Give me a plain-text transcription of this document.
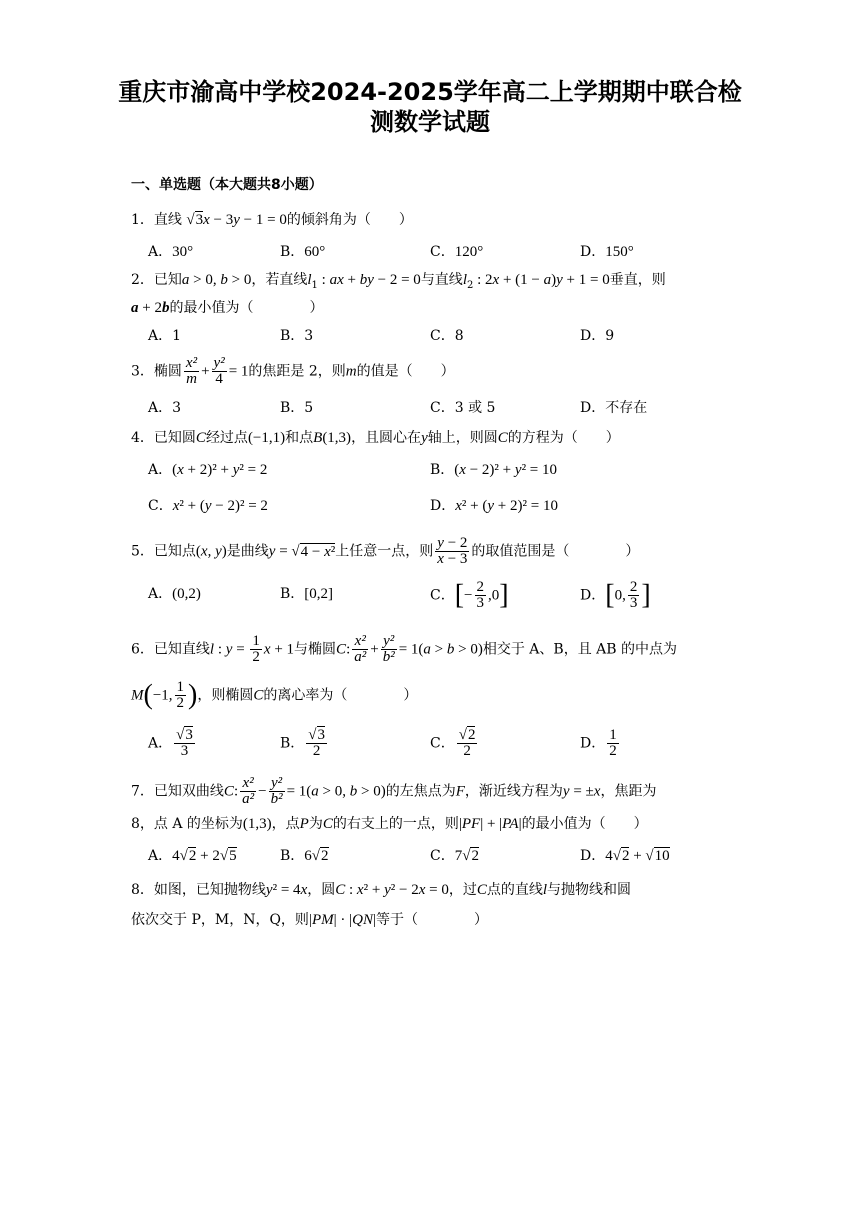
重庆市渝高中学校2024-2025学年高二上学期期中联合检
测数学试题
一、单选题（本大题共8小题）
1．直线 √3x − 3y − 1 = 0的倾斜角为（　　）
A．30°	B．60°	C．120°	D．150°
2．已知a > 0, b > 0，若直线$l_1$ : ax + by − 2 = 0与直线$l_2$ : 2x + (1 − a)y + 1 = 0垂直，则
a + 2b的最小值为（　　　　）
A．1	B．3	C．8	D．9
3．椭圆 $\frac{\text{x²}}{m} + \frac{\text{y²}}{4} = 1$的焦距是 2，则m的值是（　　）
A．3	B．5	C．3 或 5	D．不存在
4．已知圆C经过点(−1,1)和点B(1,3)，且圆心在y轴上，则圆C的方程为（　　）
A．(x + 2)² + y² = 2	B．(x − 2)² + y² = 10
C．x² + (y − 2)² = 2	D．x² + (y + 2)² = 10
5．已知点(x, y)是曲线y = √4 − x²上任意一点，则 $\frac{y - 2}{x - 3}$ 的取值范围是（　　　　）
A．(0,2)	B．[0,2]	C．[− $\frac{2}{3} ,0$]	D．[0, $\frac{2}{3}$ ]
6．已知直线l : $y = \frac{1}{2}$ x + 1与椭圆C: $\frac{\text{x²}}{\text{a²}} + \frac{\text{y²}}{\text{b²}} = 1(a > b > 0)$相交于 A、B，且 AB 的中点为
M(−1, $\frac{1}{2}$ )，则椭圆C的离心率为（　　　　）
A． $\frac{√3}{3}$	B． $\frac{√3}{2}$	C． $\frac{√2}{2}$	D． $\frac{1}{2}$
7．已知双曲线C: $\frac{\text{x²}}{\text{a²}} - \frac{\text{y²}}{\text{b²}} = 1(a > 0$, b > 0)的左焦点为F，渐近线方程为y = ±x，焦距为
8，点 A 的坐标为(1,3)，点P为C的右支上的一点，则|PF| + |PA|的最小值为（　　）
A．4√2 + 2√5	B．6√2	C．7√2	D．4√2 + √10
8．如图，已知抛物线y² = 4x，圆C : x² + y² − 2x = 0，过C点的直线l与抛物线和圆
依次交于 P，M，N，Q，则|PM| · |QN|等于（　　　　）
